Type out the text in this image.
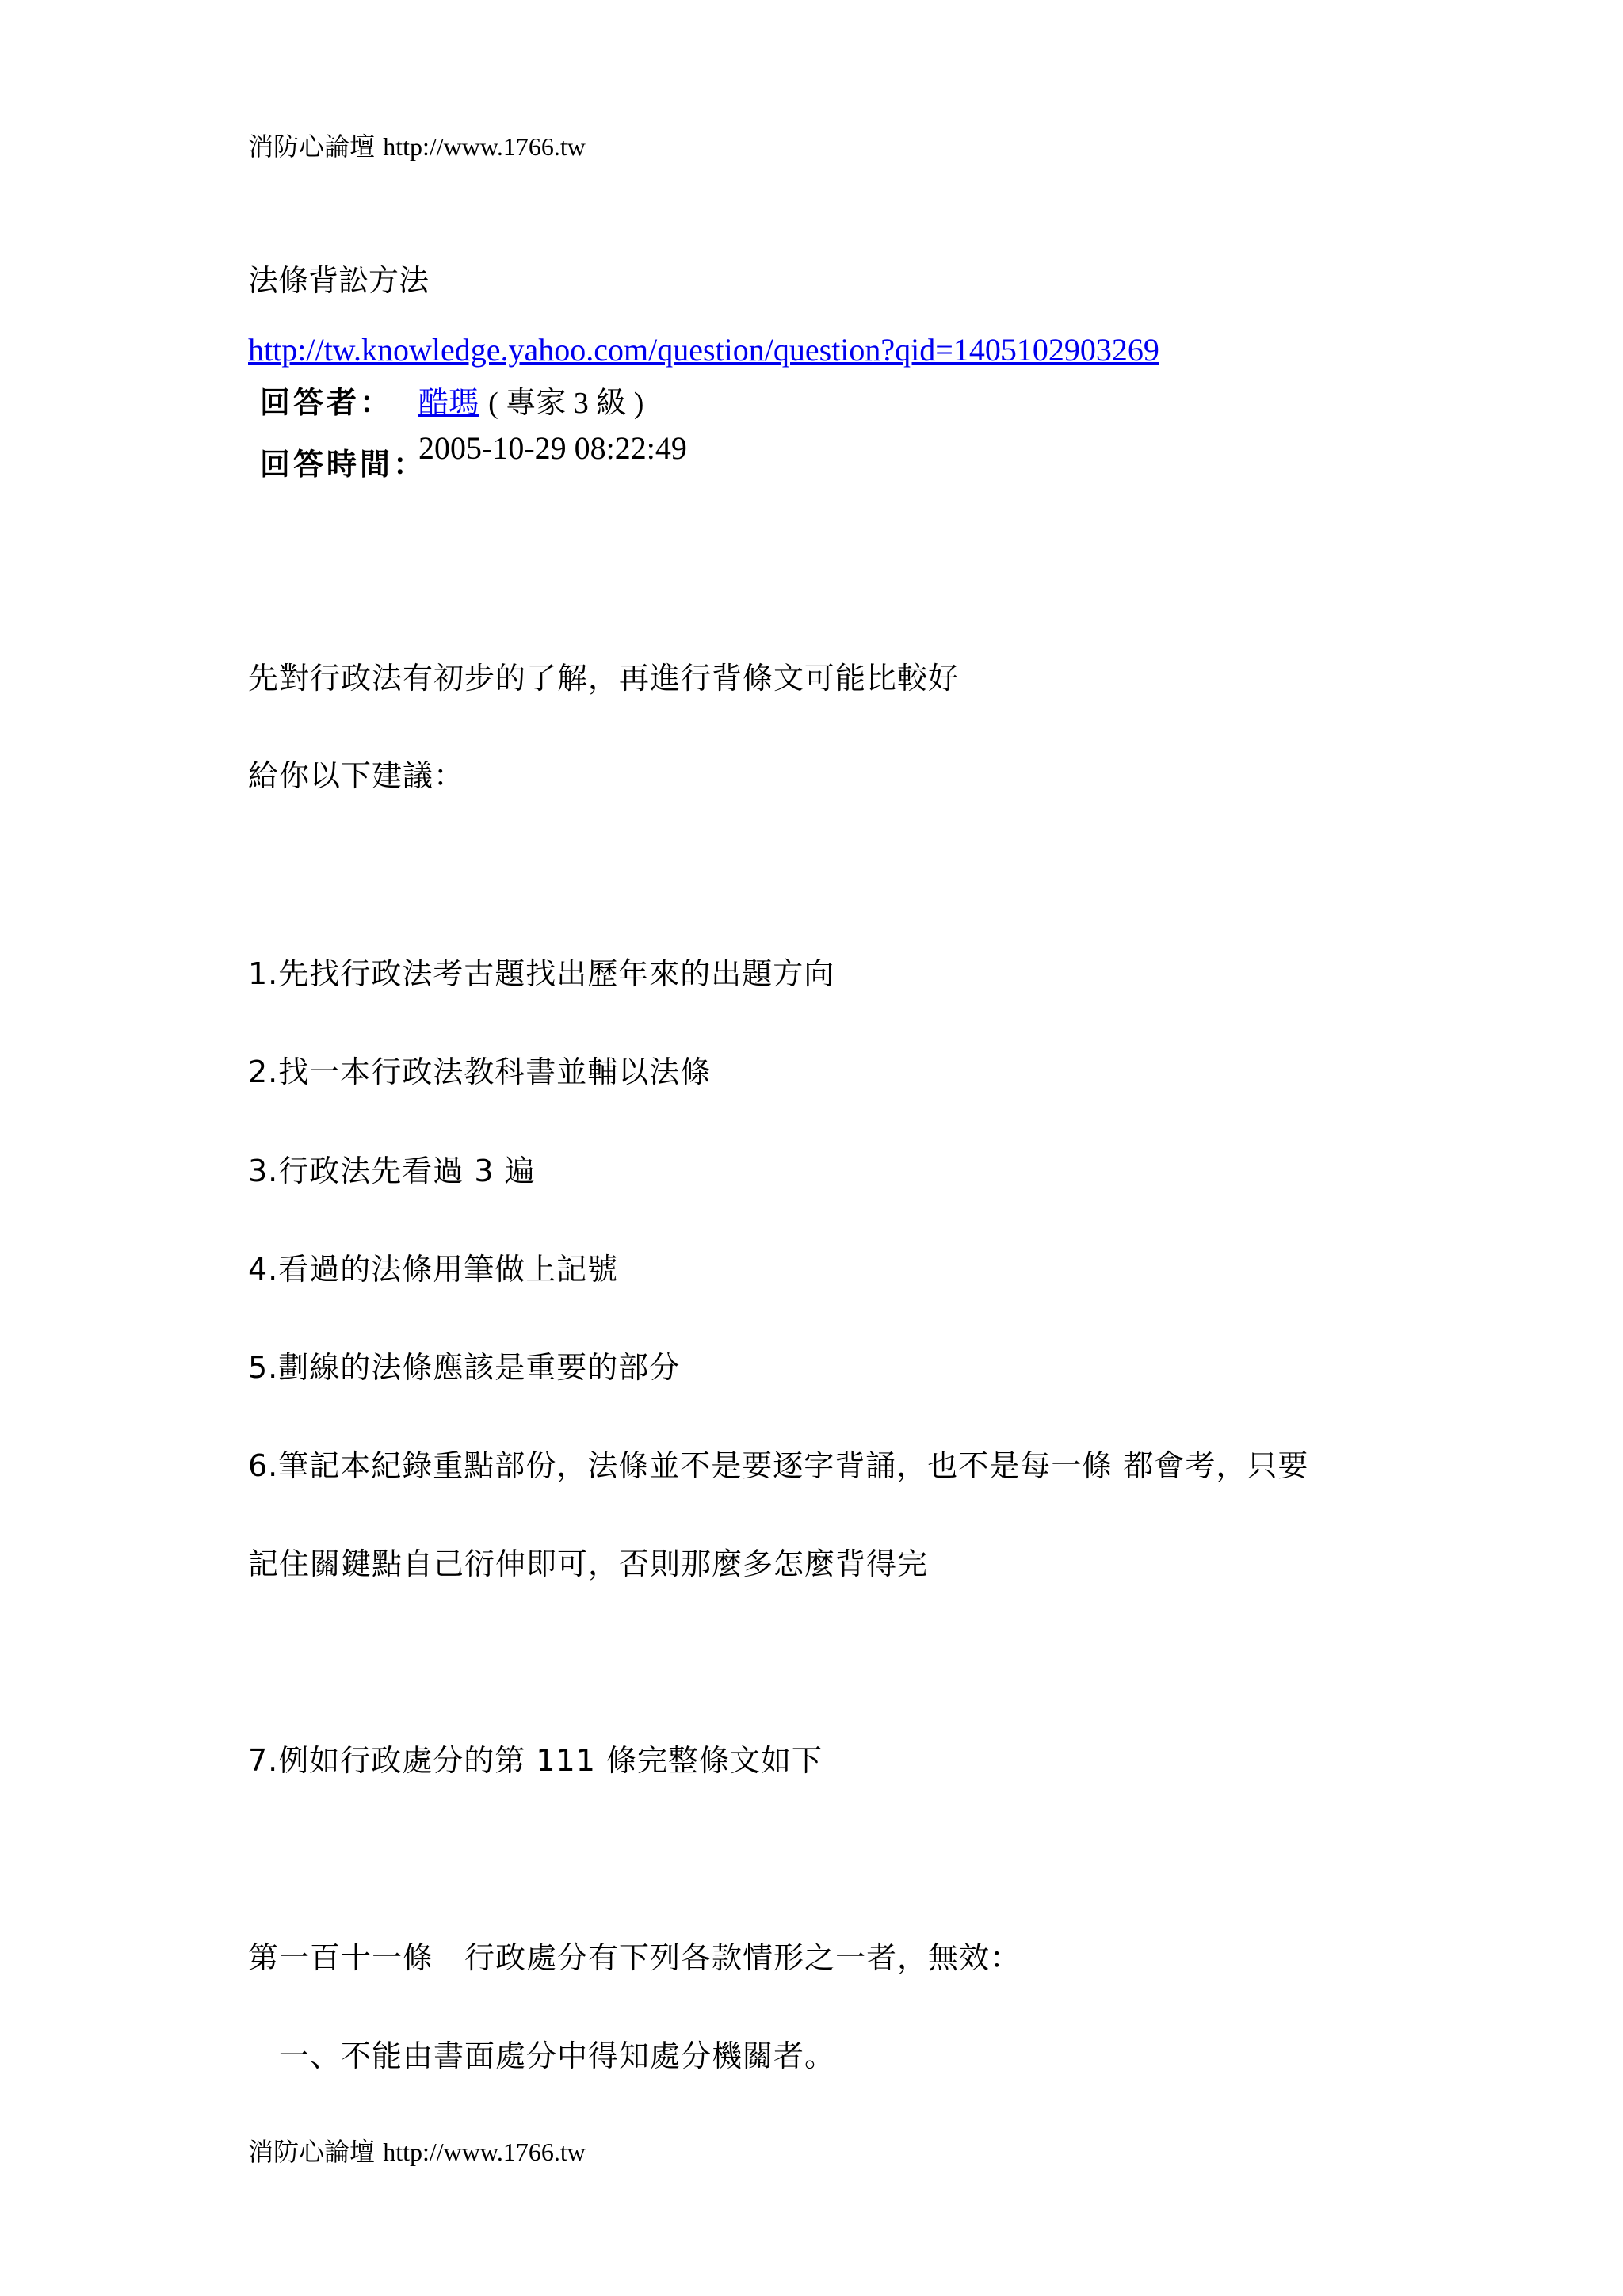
消防心論壇 http://www.1766.tw
法條背訟方法
http://tw.knowledge.yahoo.com/question/question?qid=1405102903269
回答者： 酷瑪 ( 專家 3 級 )
回答時間：
2005-10-29 08:22:49
先對行政法有初步的了解，再進行背條文可能比較好
給你以下建議：
1.先找行政法考古題找出歷年來的出題方向
2.找一本行政法教科書並輔以法條
3.行政法先看過 3 遍
4.看過的法條用筆做上記號
5.劃線的法條應該是重要的部分
6.筆記本紀錄重點部份，法條並不是要逐字背誦，也不是每一條 都會考，只要
記住關鍵點自己衍伸即可，否則那麼多怎麼背得完
7.例如行政處分的第 111 條完整條文如下
第一百十一條　行政處分有下列各款情形之一者，無效：
　一、不能由書面處分中得知處分機關者。
消防心論壇 http://www.1766.tw
